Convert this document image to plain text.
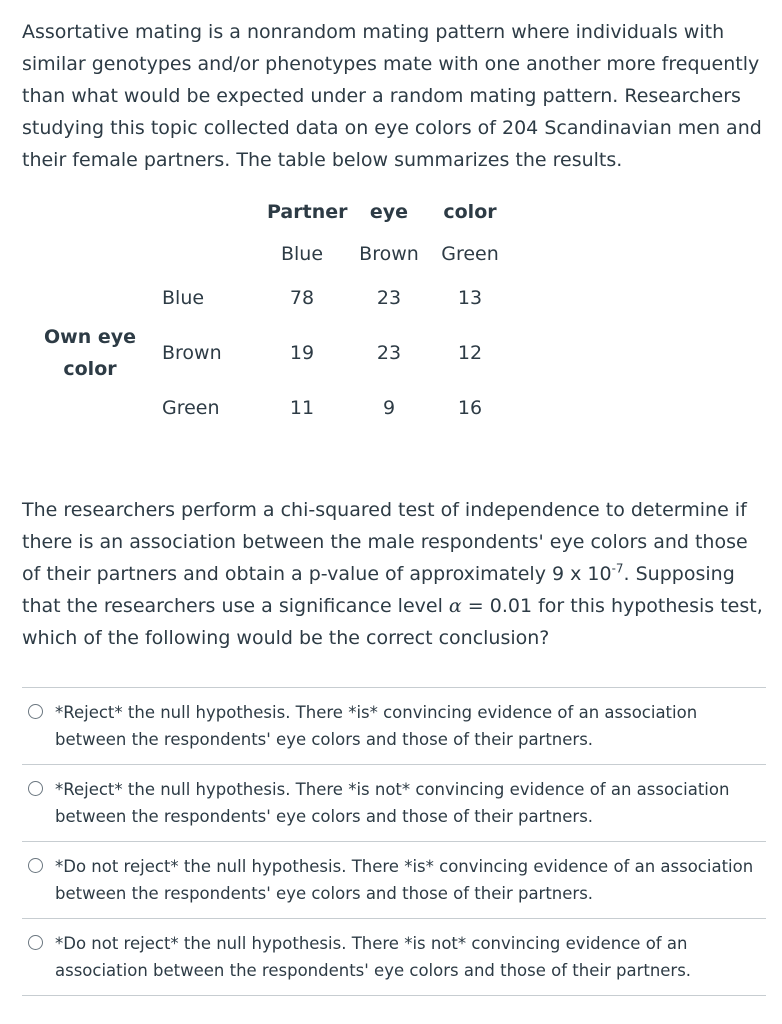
Assortative mating is a nonrandom mating pattern where individuals with similar genotypes and/or phenotypes mate with one another more frequently than what would be expected under a random mating pattern. Researchers studying this topic collected data on eye colors of 204 Scandinavian men and their female partners. The table below summarizes the results.

Partner eye color
Blue Brown Green
Own eye
color
Blue	78	23	13
Brown	19	23	12
Green	11	9	16

The researchers perform a chi-squared test of independence to determine if there is an association between the male respondents' eye colors and those of their partners and obtain a p-value of approximately 9 x $10^{-7}$. Supposing that the researchers use a significance level α = 0.01 for this hypothesis test, which of the following would be the correct conclusion?

*Reject* the null hypothesis. There *is* convincing evidence of an association between the respondents' eye colors and those of their partners.

*Reject* the null hypothesis. There *is not* convincing evidence of an association between the respondents' eye colors and those of their partners.

*Do not reject* the null hypothesis. There *is* convincing evidence of an association between the respondents' eye colors and those of their partners.

*Do not reject* the null hypothesis. There *is not* convincing evidence of an association between the respondents' eye colors and those of their partners.
